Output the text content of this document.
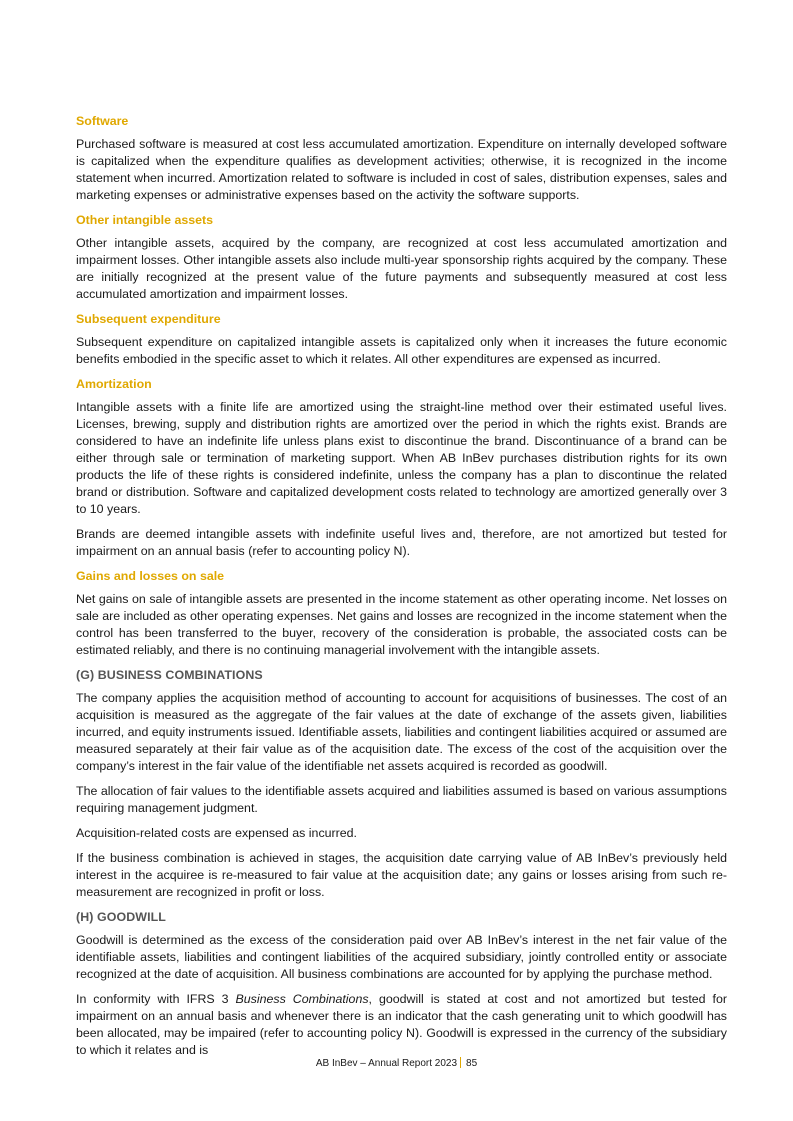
Software

Purchased software is measured at cost less accumulated amortization. Expenditure on internally developed software is capitalized when the expenditure qualifies as development activities; otherwise, it is recognized in the income statement when incurred. Amortization related to software is included in cost of sales, distribution expenses, sales and marketing expenses or administrative expenses based on the activity the software supports.

Other intangible assets

Other intangible assets, acquired by the company, are recognized at cost less accumulated amortization and impairment losses. Other intangible assets also include multi-year sponsorship rights acquired by the company. These are initially recognized at the present value of the future payments and subsequently measured at cost less accumulated amortization and impairment losses.

Subsequent expenditure

Subsequent expenditure on capitalized intangible assets is capitalized only when it increases the future economic benefits embodied in the specific asset to which it relates. All other expenditures are expensed as incurred.

Amortization

Intangible assets with a finite life are amortized using the straight-line method over their estimated useful lives. Licenses, brewing, supply and distribution rights are amortized over the period in which the rights exist. Brands are considered to have an indefinite life unless plans exist to discontinue the brand. Discontinuance of a brand can be either through sale or termination of marketing support. When AB InBev purchases distribution rights for its own products the life of these rights is considered indefinite, unless the company has a plan to discontinue the related brand or distribution. Software and capitalized development costs related to technology are amortized generally over 3 to 10 years.

Brands are deemed intangible assets with indefinite useful lives and, therefore, are not amortized but tested for impairment on an annual basis (refer to accounting policy N).

Gains and losses on sale

Net gains on sale of intangible assets are presented in the income statement as other operating income. Net losses on sale are included as other operating expenses. Net gains and losses are recognized in the income statement when the control has been transferred to the buyer, recovery of the consideration is probable, the associated costs can be estimated reliably, and there is no continuing managerial involvement with the intangible assets.

(G) BUSINESS COMBINATIONS

The company applies the acquisition method of accounting to account for acquisitions of businesses. The cost of an acquisition is measured as the aggregate of the fair values at the date of exchange of the assets given, liabilities incurred, and equity instruments issued. Identifiable assets, liabilities and contingent liabilities acquired or assumed are measured separately at their fair value as of the acquisition date. The excess of the cost of the acquisition over the company’s interest in the fair value of the identifiable net assets acquired is recorded as goodwill.

The allocation of fair values to the identifiable assets acquired and liabilities assumed is based on various assumptions requiring management judgment.

Acquisition-related costs are expensed as incurred.

If the business combination is achieved in stages, the acquisition date carrying value of AB InBev’s previously held interest in the acquiree is re-measured to fair value at the acquisition date; any gains or losses arising from such re-measurement are recognized in profit or loss.

(H) GOODWILL

Goodwill is determined as the excess of the consideration paid over AB InBev’s interest in the net fair value of the identifiable assets, liabilities and contingent liabilities of the acquired subsidiary, jointly controlled entity or associate recognized at the date of acquisition. All business combinations are accounted for by applying the purchase method.

In conformity with IFRS 3 Business Combinations, goodwill is stated at cost and not amortized but tested for impairment on an annual basis and whenever there is an indicator that the cash generating unit to which goodwill has been allocated, may be impaired (refer to accounting policy N). Goodwill is expressed in the currency of the subsidiary to which it relates and is

AB InBev – Annual Report 2023 85
